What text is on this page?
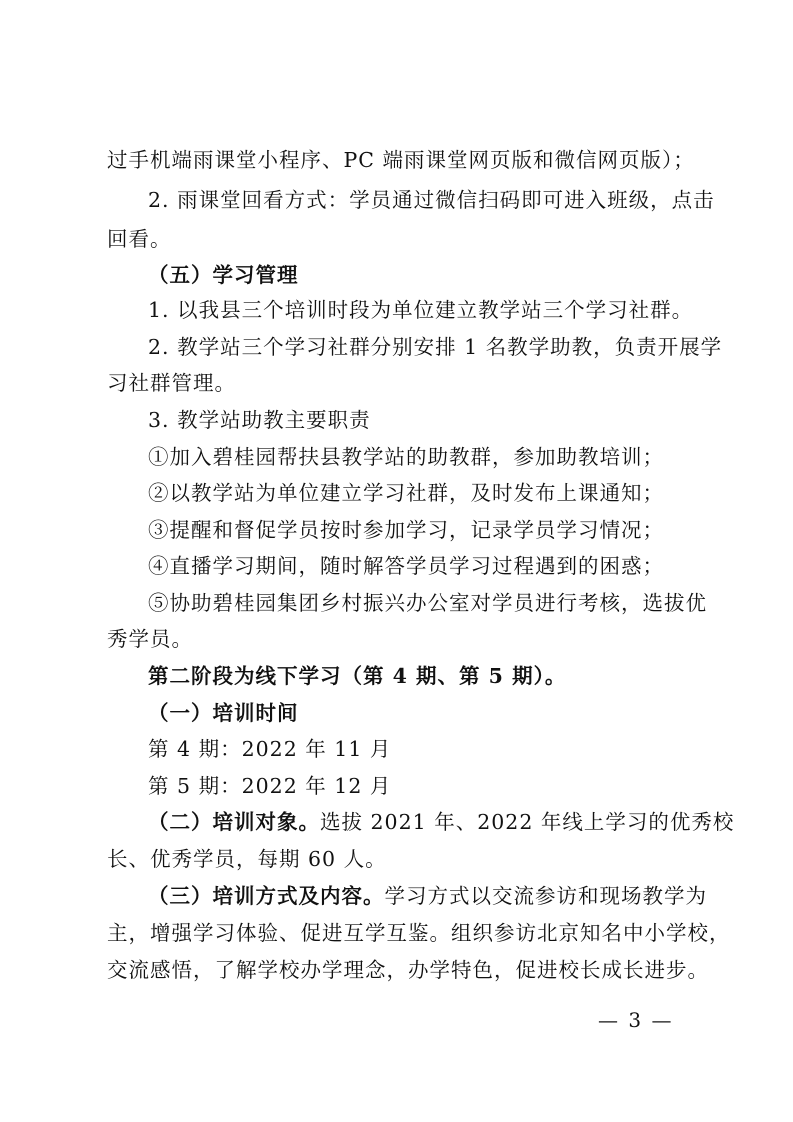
过手机端雨课堂小程序、PC 端雨课堂网页版和微信网页版）；
2. 雨课堂回看方式：学员通过微信扫码即可进入班级，点击
回看。
（五）学习管理
1. 以我县三个培训时段为单位建立教学站三个学习社群。
2. 教学站三个学习社群分别安排 1 名教学助教，负责开展学
习社群管理。
3. 教学站助教主要职责
①加入碧桂园帮扶县教学站的助教群，参加助教培训；
②以教学站为单位建立学习社群，及时发布上课通知；
③提醒和督促学员按时参加学习，记录学员学习情况；
④直播学习期间，随时解答学员学习过程遇到的困惑；
⑤协助碧桂园集团乡村振兴办公室对学员进行考核，选拔优
秀学员。
第二阶段为线下学习（第 4 期、第 5 期）。
（一）培训时间
第 4 期：2022 年 11 月
第 5 期：2022 年 12 月
（二）培训对象。选拔 2021 年、2022 年线上学习的优秀校
长、优秀学员，每期 60 人。
（三）培训方式及内容。学习方式以交流参访和现场教学为
主，增强学习体验、促进互学互鉴。组织参访北京知名中小学校，
交流感悟，了解学校办学理念，办学特色，促进校长成长进步。
— 3 —
